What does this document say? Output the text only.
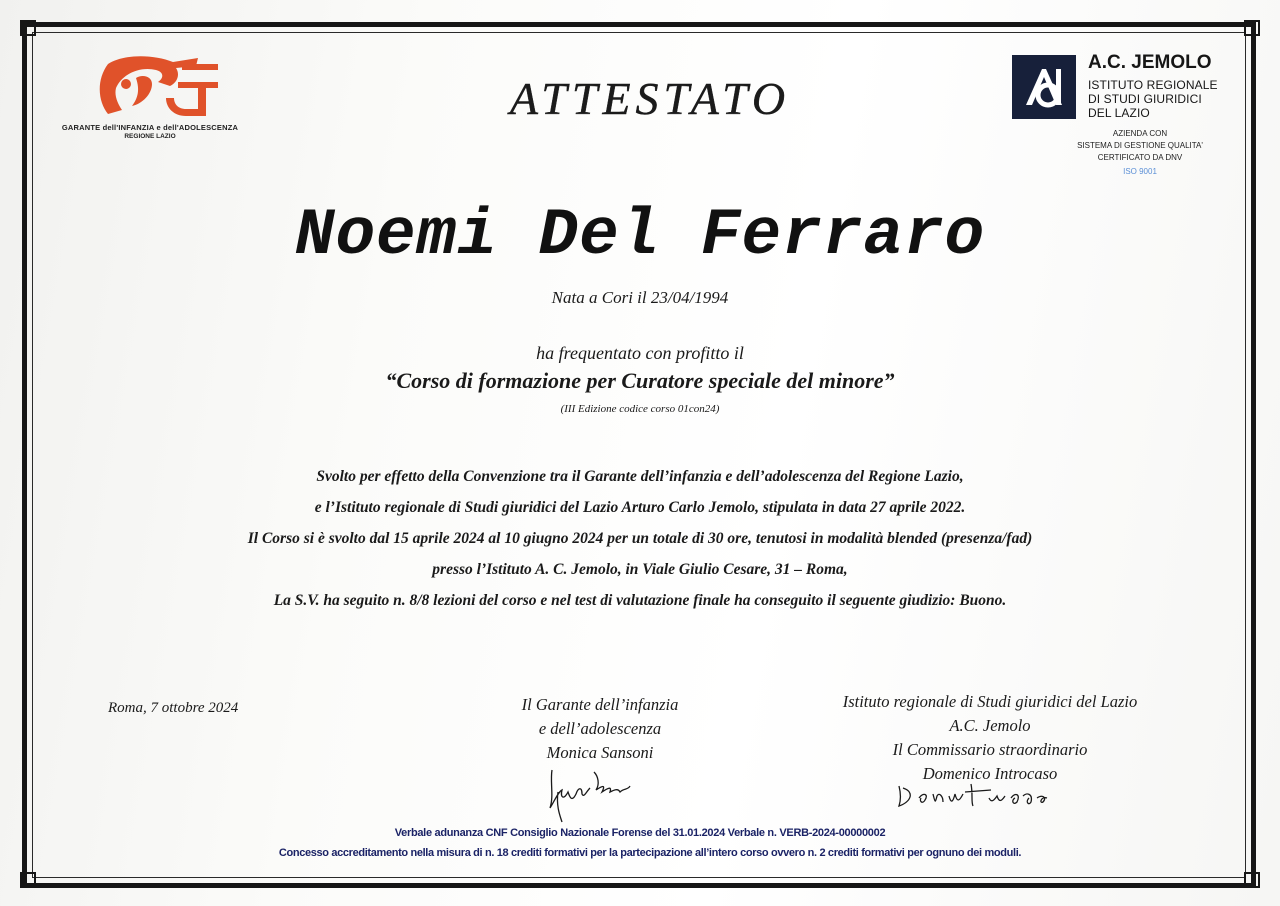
GARANTE dell'INFANZIA e dell'ADOLESCENZA
REGIONE LAZIO
ATTESTATO
A.C. JEMOLO
ISTITUTO REGIONALE
DI STUDI GIURIDICI
DEL LAZIO
AZIENDA CON
SISTEMA DI GESTIONE QUALITA'
CERTIFICATO DA DNV
ISO 9001
Noemi Del Ferraro
Nata a Cori il 23/04/1994
ha frequentato con profitto il
“Corso di formazione per Curatore speciale del minore”
(III Edizione codice corso 01con24)
Svolto per effetto della Convenzione tra il Garante dell’infanzia e dell’adolescenza del Regione Lazio,
e l’Istituto regionale di Studi giuridici del Lazio Arturo Carlo Jemolo, stipulata in data 27 aprile 2022.
Il Corso si è svolto dal 15 aprile 2024 al 10 giugno 2024 per un totale di 30 ore, tenutosi in modalità blended (presenza/fad)
presso l’Istituto A. C. Jemolo, in Viale Giulio Cesare, 31 – Roma,
La S.V. ha seguito n. 8/8 lezioni del corso e nel test di valutazione finale ha conseguito il seguente giudizio: Buono.
Roma, 7 ottobre 2024	Il Garante dell’infanzia
e dell’adolescenza
Monica Sansoni
Istituto regionale di Studi giuridici del Lazio
A.C. Jemolo
Il Commissario straordinario
Domenico Introcaso
Verbale adunanza CNF Consiglio Nazionale Forense del 31.01.2024 Verbale n. VERB-2024-00000002
Concesso accreditamento nella misura di n. 18 crediti formativi per la partecipazione all’intero corso ovvero n. 2 crediti formativi per ognuno dei moduli.
